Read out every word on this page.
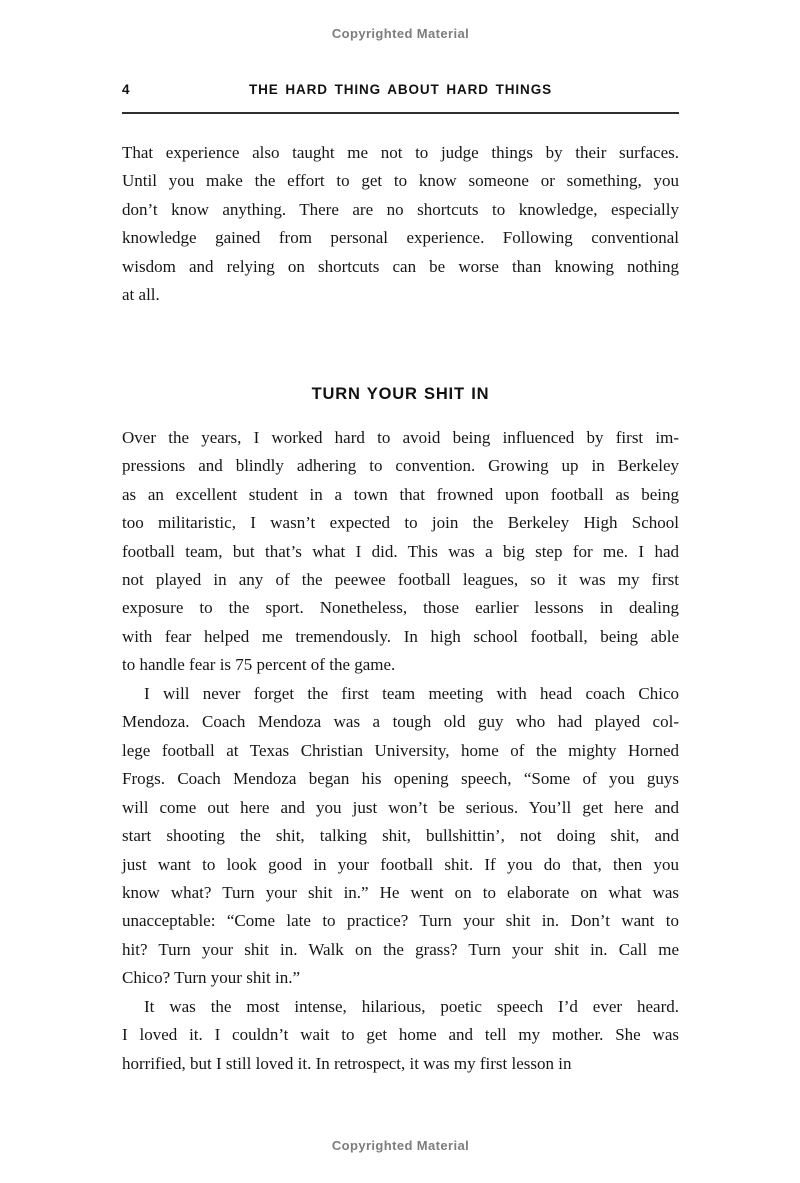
Copyrighted Material
4	THE HARD THING ABOUT HARD THINGS
That experience also taught me not to judge things by their surfaces.
Until you make the effort to get to know someone or something, you
don’t know anything. There are no shortcuts to knowledge, especially
knowledge gained from personal experience. Following conventional
wisdom and relying on shortcuts can be worse than knowing nothing
at all.
TURN YOUR SHIT IN
Over the years, I worked hard to avoid being influenced by first im-
pressions and blindly adhering to convention. Growing up in Berkeley
as an excellent student in a town that frowned upon football as being
too militaristic, I wasn’t expected to join the Berkeley High School
football team, but that’s what I did. This was a big step for me. I had
not played in any of the peewee football leagues, so it was my first
exposure to the sport. Nonetheless, those earlier lessons in dealing
with fear helped me tremendously. In high school football, being able
to handle fear is 75 percent of the game.
I will never forget the first team meeting with head coach Chico
Mendoza. Coach Mendoza was a tough old guy who had played col-
lege football at Texas Christian University, home of the mighty Horned
Frogs. Coach Mendoza began his opening speech, “Some of you guys
will come out here and you just won’t be serious. You’ll get here and
start shooting the shit, talking shit, bullshittin’, not doing shit, and
just want to look good in your football shit. If you do that, then you
know what? Turn your shit in.” He went on to elaborate on what was
unacceptable: “Come late to practice? Turn your shit in. Don’t want to
hit? Turn your shit in. Walk on the grass? Turn your shit in. Call me
Chico? Turn your shit in.”
It was the most intense, hilarious, poetic speech I’d ever heard.
I loved it. I couldn’t wait to get home and tell my mother. She was
horrified, but I still loved it. In retrospect, it was my first lesson in
Copyrighted Material
